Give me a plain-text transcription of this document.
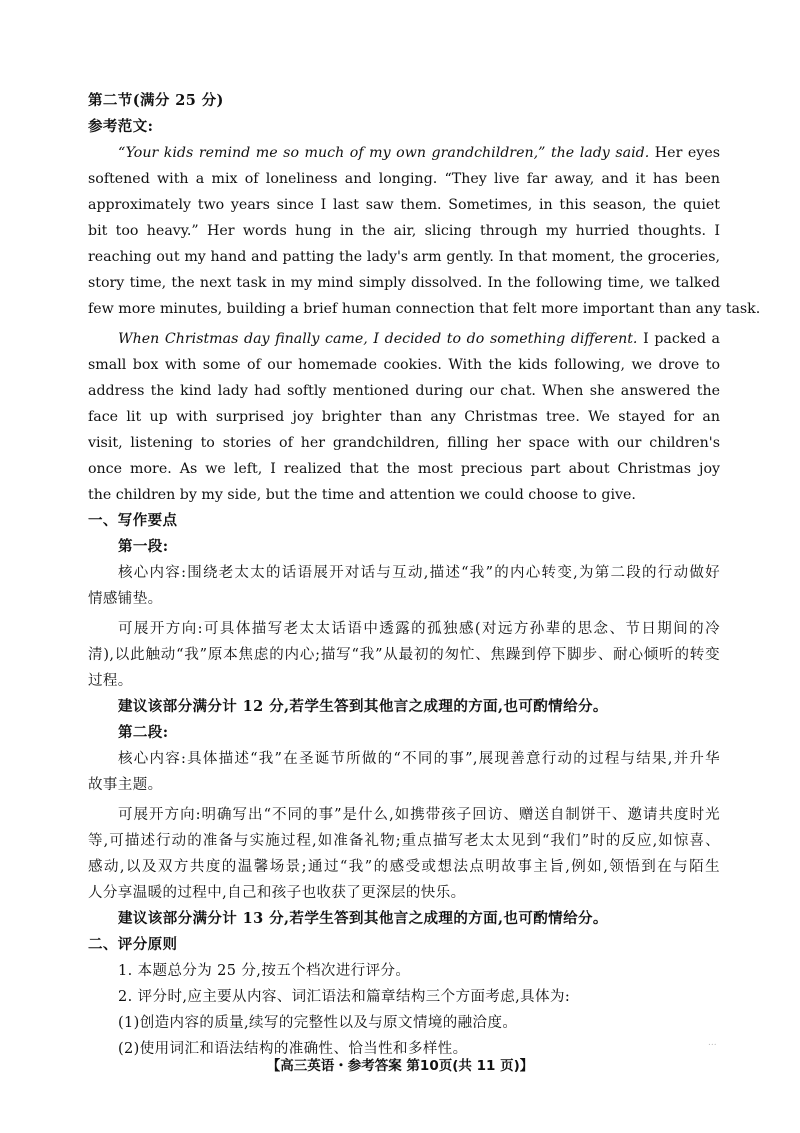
第二节(满分 25 分)
参考范文:
“Your kids remind me so much of my own grandchildren,” the lady said. Her eyes
softened with a mix of loneliness and longing. “They live far away, and it has been
approximately two years since I last saw them. Sometimes, in this season, the quiet
bit too heavy.” Her words hung in the air, slicing through my hurried thoughts. I
reaching out my hand and patting the lady's arm gently. In that moment, the groceries,
story time, the next task in my mind simply dissolved. In the following time, we talked
few more minutes, building a brief human connection that felt more important than any task.
When Christmas day finally came, I decided to do something different. I packed a
small box with some of our homemade cookies. With the kids following, we drove to
address the kind lady had softly mentioned during our chat. When she answered the
face lit up with surprised joy brighter than any Christmas tree. We stayed for an
visit, listening to stories of her grandchildren, filling her space with our children's
once more. As we left, I realized that the most precious part about Christmas joy
the children by my side, but the time and attention we could choose to give.
一、写作要点
第一段:
核心内容:围绕老太太的话语展开对话与互动,描述“我”的内心转变,为第二段的行动做好
情感铺垫。
可展开方向:可具体描写老太太话语中透露的孤独感(对远方孙辈的思念、节日期间的冷
清),以此触动“我”原本焦虑的内心;描写“我”从最初的匆忙、焦躁到停下脚步、耐心倾听的转变
过程。
建议该部分满分计 12 分,若学生答到其他言之成理的方面,也可酌情给分。
第二段:
核心内容:具体描述“我”在圣诞节所做的“不同的事”,展现善意行动的过程与结果,并升华
故事主题。
可展开方向:明确写出“不同的事”是什么,如携带孩子回访、赠送自制饼干、邀请共度时光
等,可描述行动的准备与实施过程,如准备礼物;重点描写老太太见到“我们”时的反应,如惊喜、
感动,以及双方共度的温馨场景;通过“我”的感受或想法点明故事主旨,例如,领悟到在与陌生
人分享温暖的过程中,自己和孩子也收获了更深层的快乐。
建议该部分满分计 13 分,若学生答到其他言之成理的方面,也可酌情给分。
二、评分原则
1. 本题总分为 25 分,按五个档次进行评分。
2. 评分时,应主要从内容、词汇语法和篇章结构三个方面考虑,具体为:
(1)创造内容的质量,续写的完整性以及与原文情境的融洽度。
(2)使用词汇和语法结构的准确性、恰当性和多样性。
【高三英语・参考答案 第10页(共 11 页)】
...
